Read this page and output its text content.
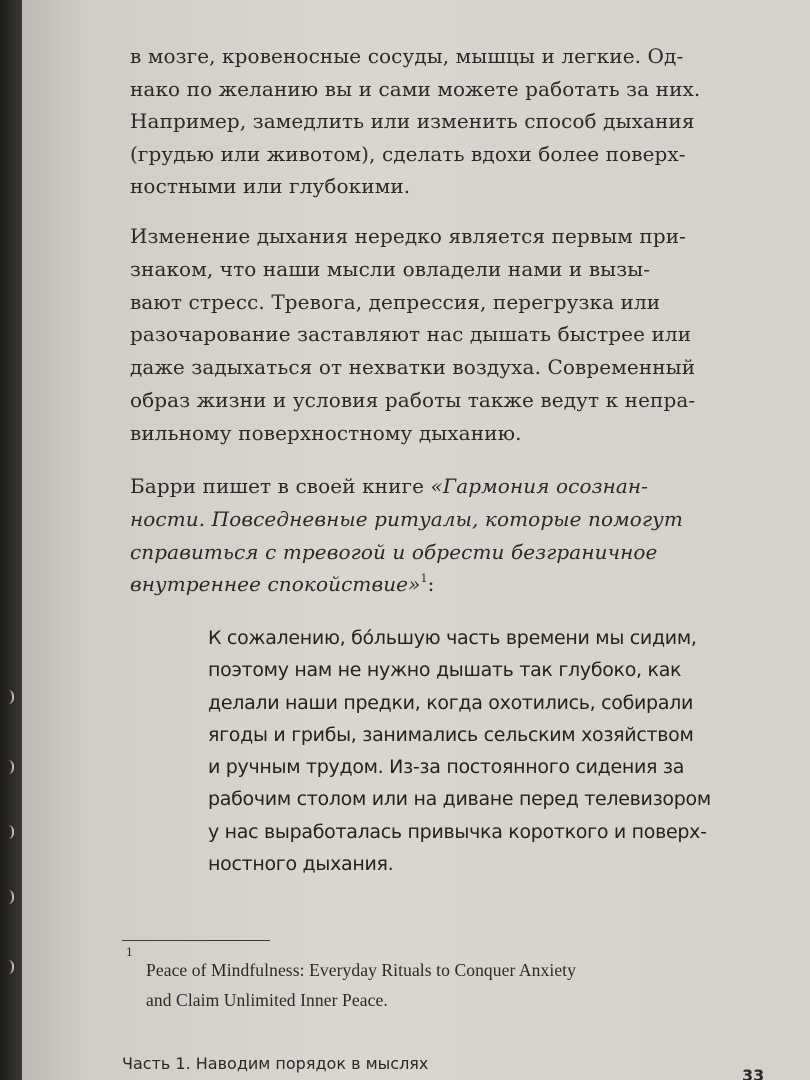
в мозге, кровеносные сосуды, мышцы и легкие. Од-
нако по желанию вы и сами можете работать за них.
Например, замедлить или изменить способ дыхания
(грудью или животом), сделать вдохи более поверх-
ностными или глубокими.
Изменение дыхания нередко является первым при-
знаком, что наши мысли овладели нами и вызы-
вают стресс. Тревога, депрессия, перегрузка или
разочарование заставляют нас дышать быстрее или
даже задыхаться от нехватки воздуха. Современный
образ жизни и условия работы также ведут к непра-
вильному поверхностному дыханию.
Барри пишет в своей книге «Гармония осознан-
ности. Повседневные ритуалы, которые помогут
справиться с тревогой и обрести безграничное
внутреннее спокойствие»$^1$:
К сожалению, бóльшую часть времени мы сидим,
поэтому нам не нужно дышать так глубоко, как
делали наши предки, когда охотились, собирали
ягоды и грибы, занимались сельским хозяйством
и ручным трудом. Из-за постоянного сидения за
рабочим столом или на диване перед телевизором
у нас выработалась привычка короткого и поверх-
ностного дыхания.
1
Peace of Mindfulness: Everyday Rituals to Conquer Anxiety
and Claim Unlimited Inner Peace.
Часть 1. Наводим порядок в мыслях
33
